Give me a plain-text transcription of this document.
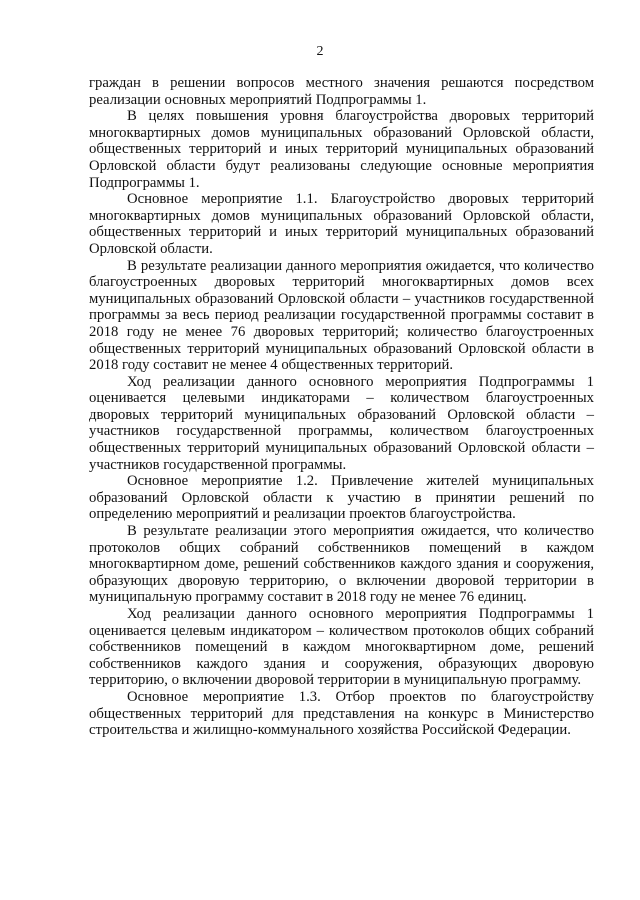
2

граждан в решении вопросов местного значения решаются посредством реализации основных мероприятий Подпрограммы 1.

В целях повышения уровня благоустройства дворовых территорий многоквартирных домов муниципальных образований Орловской области, общественных территорий и иных территорий муниципальных образований Орловской области будут реализованы следующие основные мероприятия Подпрограммы 1.

Основное мероприятие 1.1. Благоустройство дворовых территорий многоквартирных домов муниципальных образований Орловской области, общественных территорий и иных территорий муниципальных образований Орловской области.

В результате реализации данного мероприятия ожидается, что количество благоустроенных дворовых территорий многоквартирных домов всех муниципальных образований Орловской области – участников государственной программы за весь период реализации государственной программы составит в 2018 году не менее 76 дворовых территорий; количество благоустроенных общественных территорий муниципальных образований Орловской области в 2018 году составит не менее 4 общественных территорий.

Ход реализации данного основного мероприятия Подпрограммы 1 оценивается целевыми индикаторами – количеством благоустроенных дворовых территорий муниципальных образований Орловской области – участников государственной программы, количеством благоустроенных общественных территорий муниципальных образований Орловской области – участников государственной программы.

Основное мероприятие 1.2. Привлечение жителей муниципальных образований Орловской области к участию в принятии решений по определению мероприятий и реализации проектов благоустройства.

В результате реализации этого мероприятия ожидается, что количество протоколов общих собраний собственников помещений в каждом многоквартирном доме, решений собственников каждого здания и сооружения, образующих дворовую территорию, о включении дворовой территории в муниципальную программу составит в 2018 году не менее 76 единиц.

Ход реализации данного основного мероприятия Подпрограммы 1 оценивается целевым индикатором – количеством протоколов общих собраний собственников помещений в каждом многоквартирном доме, решений собственников каждого здания и сооружения, образующих дворовую территорию, о включении дворовой территории в муниципальную программу.

Основное мероприятие 1.3. Отбор проектов по благоустройству общественных территорий для представления на конкурс в Министерство строительства и жилищно-коммунального хозяйства Российской Федерации.
